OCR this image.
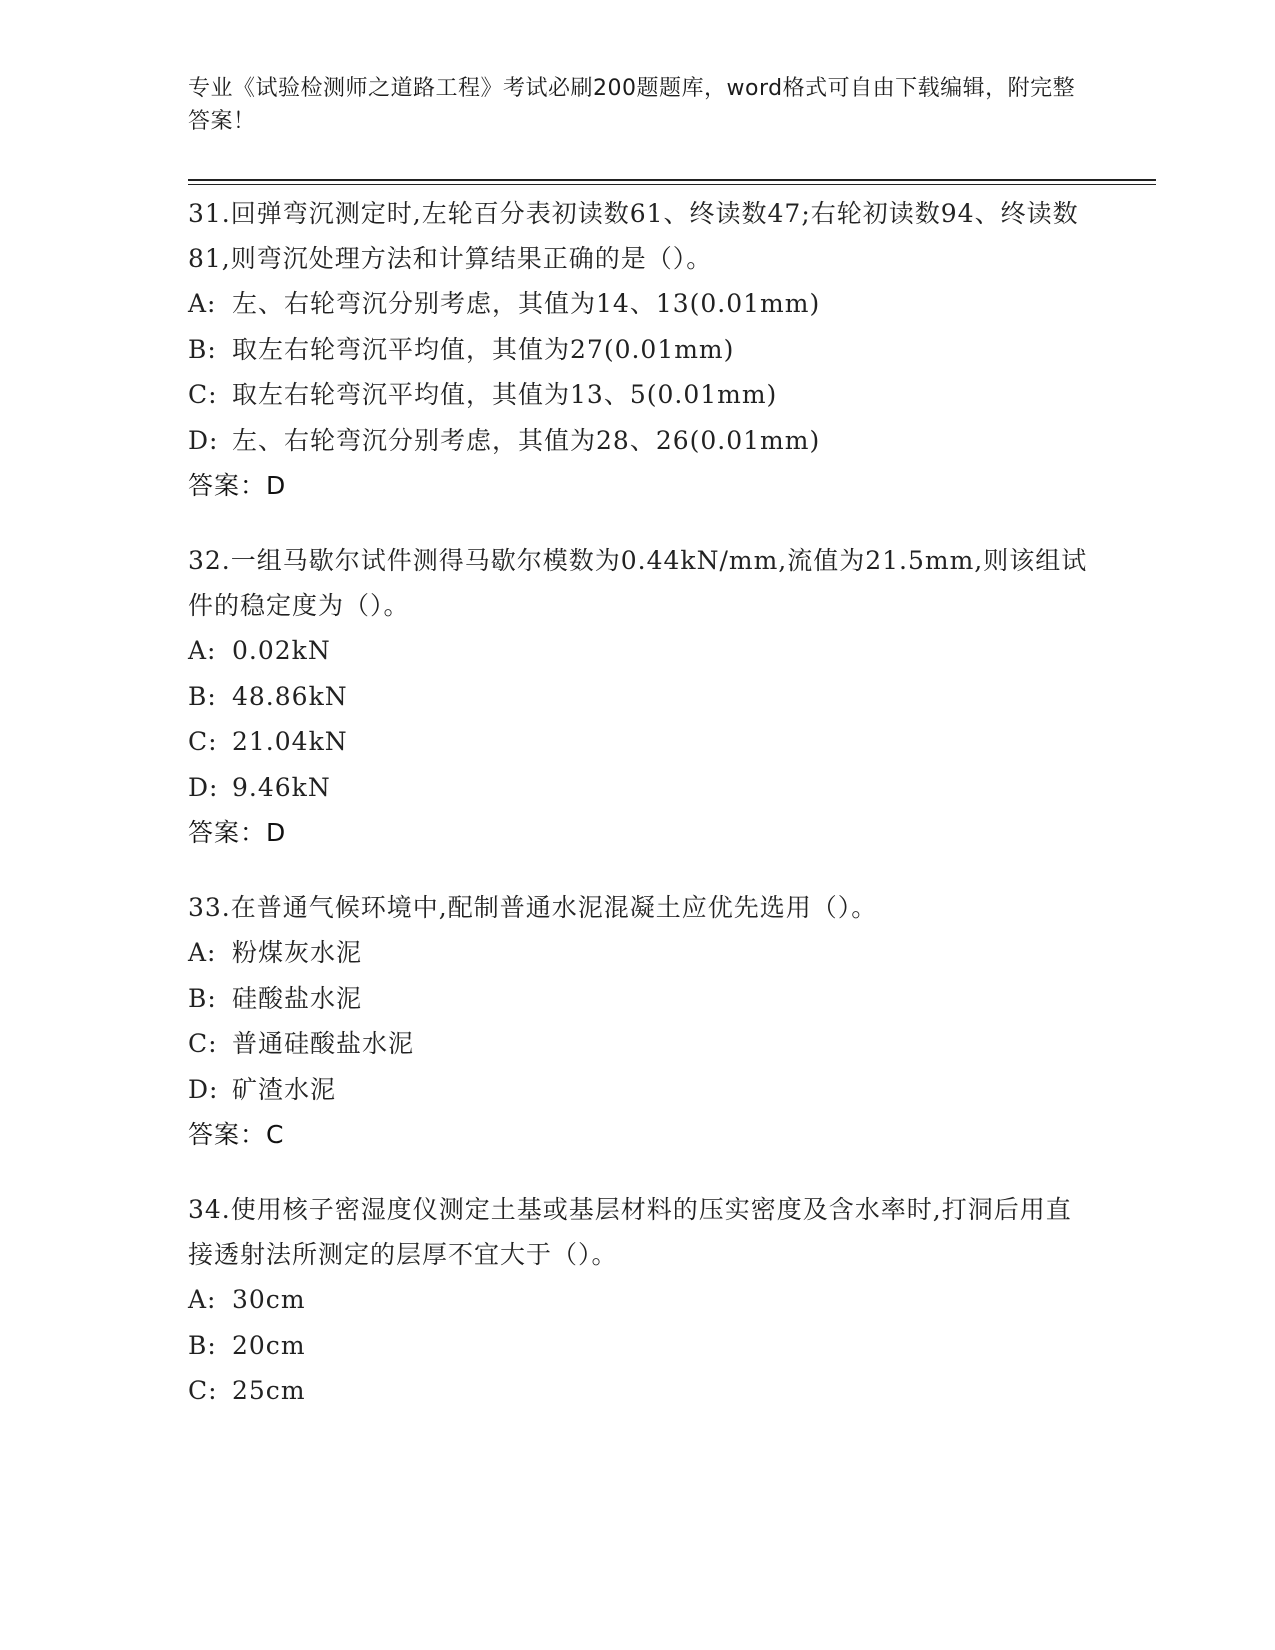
专业《试验检测师之道路工程》考试必刷200题题库，word格式可自由下载编辑，附完整答案！
31.回弹弯沉测定时,左轮百分表初读数61、终读数47;右轮初读数94、终读数81,则弯沉处理方法和计算结果正确的是（）。
A: 左、右轮弯沉分别考虑，其值为14、13(0.01mm)
B: 取左右轮弯沉平均值，其值为27(0.01mm)
C: 取左右轮弯沉平均值，其值为13、5(0.01mm)
D: 左、右轮弯沉分别考虑，其值为28、26(0.01mm)
答案：D
32.一组马歇尔试件测得马歇尔模数为0.44kN/mm,流值为21.5mm,则该组试件的稳定度为（）。
A: 0.02kN
B: 48.86kN
C: 21.04kN
D: 9.46kN
答案：D
33.在普通气候环境中,配制普通水泥混凝土应优先选用（）。
A: 粉煤灰水泥
B: 硅酸盐水泥
C: 普通硅酸盐水泥
D: 矿渣水泥
答案：C
34.使用核子密湿度仪测定土基或基层材料的压实密度及含水率时,打洞后用直接透射法所测定的层厚不宜大于（）。
A: 30cm
B: 20cm
C: 25cm
